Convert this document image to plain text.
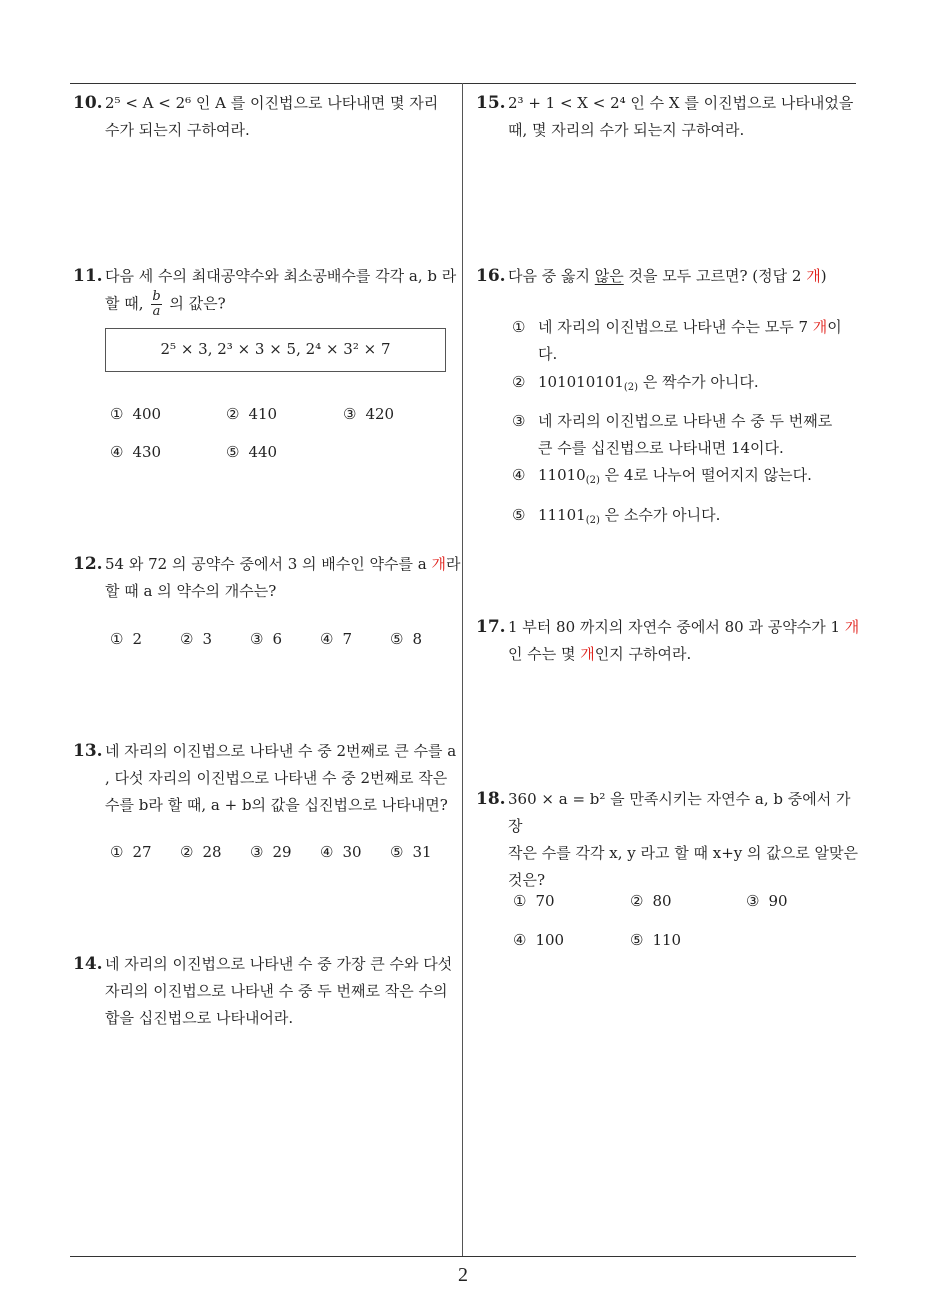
10. 2⁵ < A < 2⁶ 인 A 를 이진법으로 나타내면 몇 자리
수가 되는지 구하여라.
11. 다음 세 수의 최대공약수와 최소공배수를 각각 a, b 라
할 때, $\frac{b}{a}$ 의 값은?
2⁵ × 3, 2³ × 3 × 5, 2⁴ × 3² × 7
① 400	② 410	③ 420
④ 430	⑤ 440
12. 54 와 72 의 공약수 중에서 3 의 배수인 약수를 a 개라
할 때 a 의 약수의 개수는?
① 2	② 3	③ 6	④ 7	⑤ 8
13. 네 자리의 이진법으로 나타낸 수 중 2번째로 큰 수를 a
, 다섯 자리의 이진법으로 나타낸 수 중 2번째로 작은
수를 b라 할 때, a + b의 값을 십진법으로 나타내면?
① 27 ② 28 ③ 29 ④ 30 ⑤ 31
14. 네 자리의 이진법으로 나타낸 수 중 가장 큰 수와 다섯
자리의 이진법으로 나타낸 수 중 두 번째로 작은 수의
합을 십진법으로 나타내어라.
15. 2³ + 1 < X < 2⁴ 인 수 X 를 이진법으로 나타내었을
때, 몇 자리의 수가 되는지 구하여라.
16. 다음 중 옳지 않은 것을 모두 고르면? (정답 2 개)
① 네 자리의 이진법으로 나타낸 수는 모두 7 개이
다.
② $101010101_{(2)}$ 은 짝수가 아니다.
③ 네 자리의 이진법으로 나타낸 수 중 두 번째로
큰 수를 십진법으로 나타내면 14이다.
④ $11010_{(2)}$ 은 4로 나누어 떨어지지 않는다.
⑤ $11101_{(2)}$ 은 소수가 아니다.
17. 1 부터 80 까지의 자연수 중에서 80 과 공약수가 1 개
인 수는 몇 개인지 구하여라.
18. 360 × a = b² 을 만족시키는 자연수 a, b 중에서 가장
작은 수를 각각 x, y 라고 할 때 x+y 의 값으로 알맞은
것은?
① 70	② 80	③ 90
④ 100	⑤ 110
2
